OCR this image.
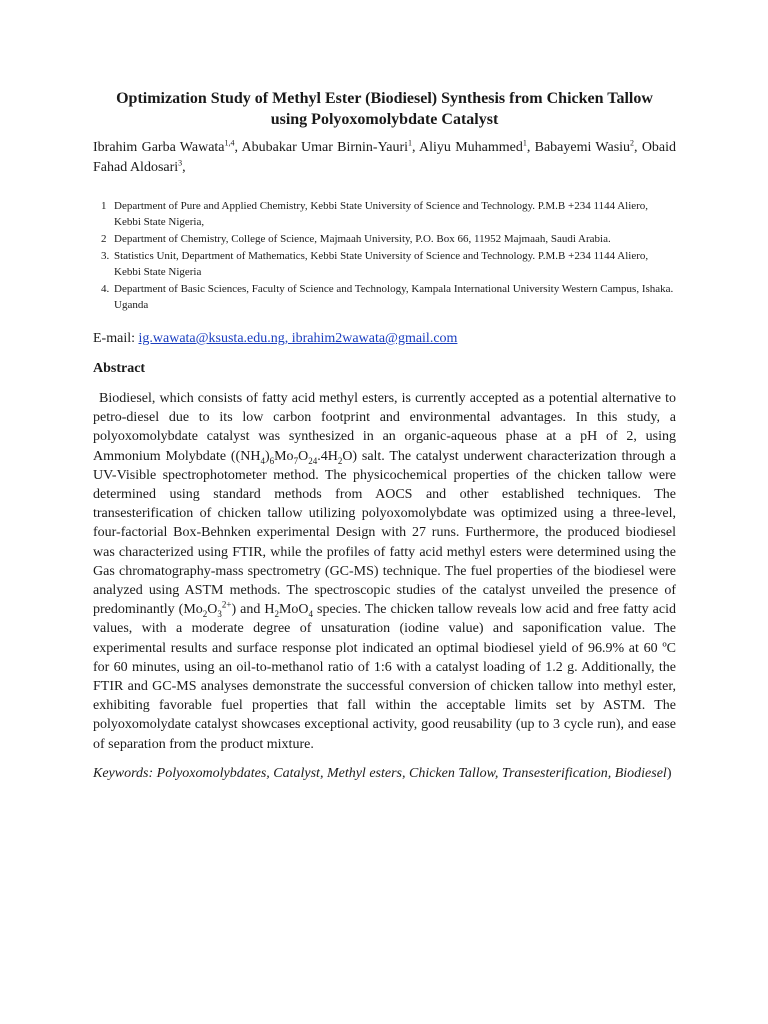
Optimization Study of Methyl Ester (Biodiesel) Synthesis from Chicken Tallow using Polyoxomolybdate Catalyst

Ibrahim Garba Wawata$^{1,4}$, Abubakar Umar Birnin-Yauri$^1$, Aliyu Muhammed$^1$, Babayemi Wasiu$^2$, Obaid Fahad Aldosari$^3$,

1 Department of Pure and Applied Chemistry, Kebbi State University of Science and Technology. P.M.B +234 1144 Aliero, Kebbi State Nigeria,
2 Department of Chemistry, College of Science, Majmaah University, P.O. Box 66, 11952 Majmaah, Saudi Arabia.
3. Statistics Unit, Department of Mathematics, Kebbi State University of Science and Technology. P.M.B +234 1144 Aliero, Kebbi State Nigeria
4. Department of Basic Sciences, Faculty of Science and Technology, Kampala International University Western Campus, Ishaka. Uganda

E-mail: ig.wawata@ksusta.edu.ng, ibrahim2wawata@gmail.com

Abstract

Biodiesel, which consists of fatty acid methyl esters, is currently accepted as a potential alternative to petro-diesel due to its low carbon footprint and environmental advantages. In this study, a polyoxomolybdate catalyst was synthesized in an organic-aqueous phase at a pH of 2, using Ammonium Molybdate $((NH_4)_6Mo_7O_{24}.4H_2O)$ salt. The catalyst underwent characterization through a UV-Visible spectrophotometer method. The physicochemical properties of the chicken tallow were determined using standard methods from AOCS and other established techniques. The transesterification of chicken tallow utilizing polyoxomolybdate was optimized using a three-level, four-factorial Box-Behnken experimental Design with 27 runs. Furthermore, the produced biodiesel was characterized using FTIR, while the profiles of fatty acid methyl esters were determined using the Gas chromatography-mass spectrometry (GC-MS) technique. The fuel properties of the biodiesel were analyzed using ASTM methods. The spectroscopic studies of the catalyst unveiled the presence of predominantly $(Mo_2O_3^{2+})$ and $H_2MoO_4$ species. The chicken tallow reveals low acid and free fatty acid values, with a moderate degree of unsaturation (iodine value) and saponification value. The experimental results and surface response plot indicated an optimal biodiesel yield of 96.9% at 60 ºC for 60 minutes, using an oil-to-methanol ratio of 1:6 with a catalyst loading of 1.2 g. Additionally, the FTIR and GC-MS analyses demonstrate the successful conversion of chicken tallow into methyl ester, exhibiting favorable fuel properties that fall within the acceptable limits set by ASTM. The polyoxomolydate catalyst showcases exceptional activity, good reusability (up to 3 cycle run), and ease of separation from the product mixture.

Keywords: Polyoxomolybdates, Catalyst, Methyl esters, Chicken Tallow, Transesterification, Biodiesel)
